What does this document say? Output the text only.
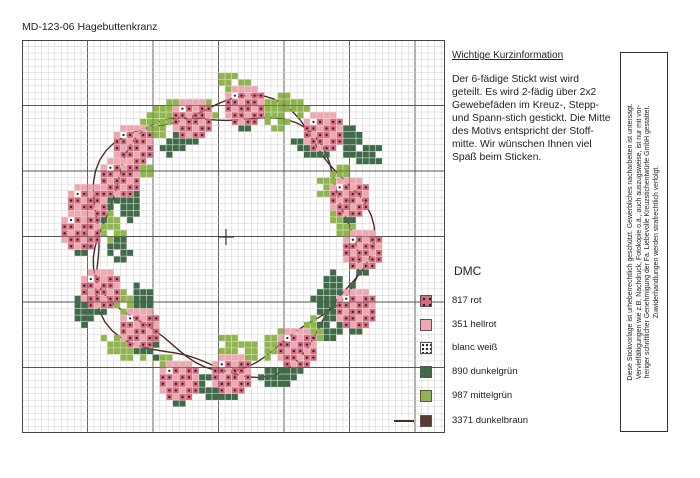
MD-123-06 Hagebuttenkranz

Wichtige Kurzinformation

Der 6-fädige Stickt wist wird geteilt. Es wird 2-fädig über 2x2 Gewebefäden im Kreuz-, Stepp- und Spann-stich gestickt. Die Mitte des Motivs entspricht der Stoff-mitte. Wir wünschen Ihnen viel Spaß beim Sticken.

DMC
817 rot
351 hellrot
blanc weiß
890 dunkelgrün
987 mittelgrün
3371 dunkelbraun
Diese Stickvorlage ist urheberrechtlich geschützt. Gewerbliches nacharbeiten ist untersagt. Vervielfältigungen wie z.B. Nachdruck, Fotokopie o.ä., auch auszugsweise, ist nur mit vor- heriger schriftlicher Genehmigung der Fa. Liebevolle Kreuzstichentwürfe GmbH gestattet. Zuwiderhandlungen werden strafrechtlich verfolgt.
